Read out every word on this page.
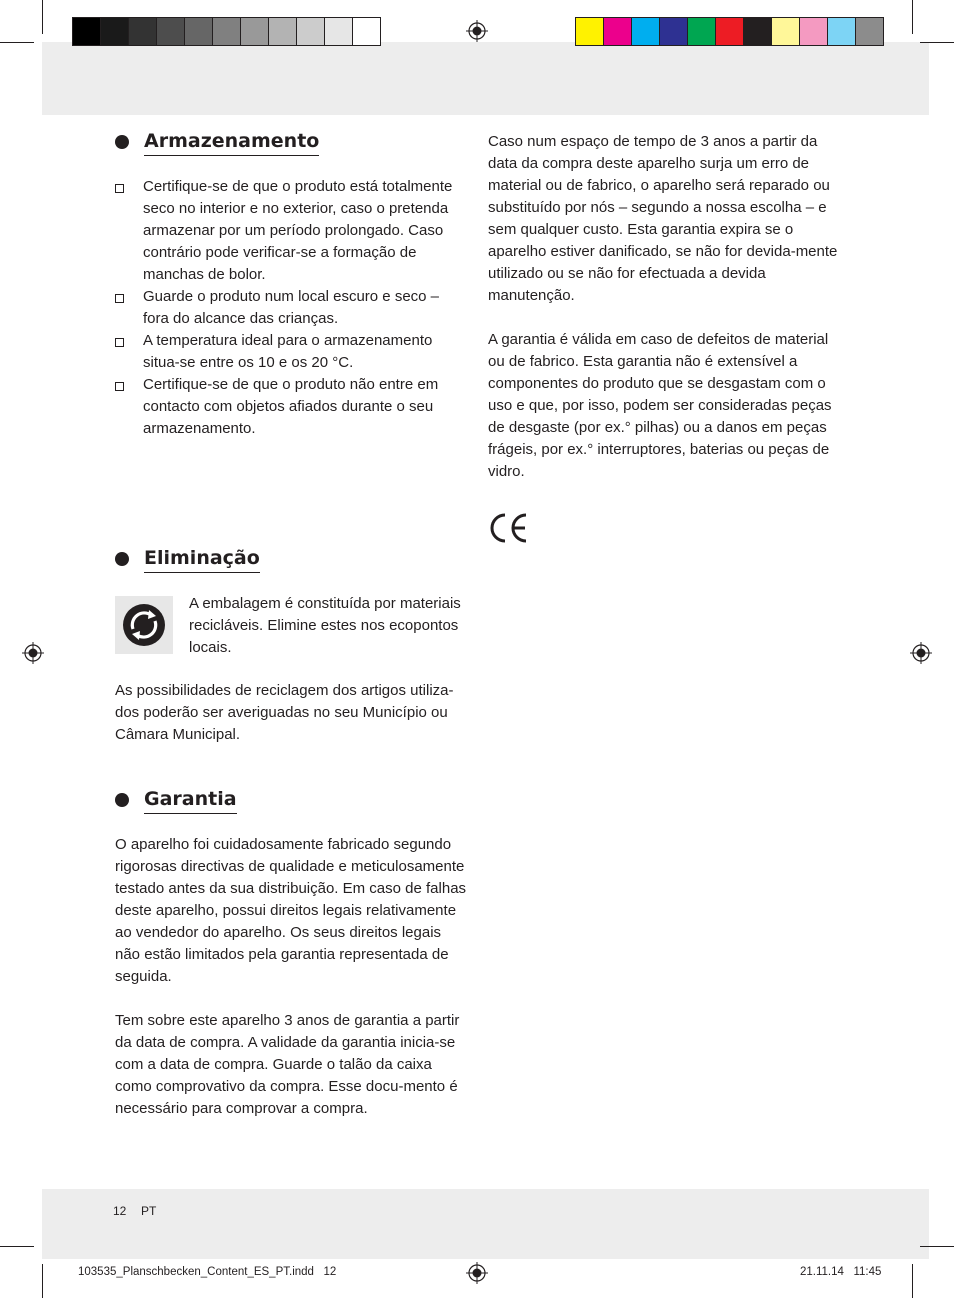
Armazenamento
Certifique-se de que o produto está totalmente seco no interior e no exterior, caso o pretenda armazenar por um período prolongado. Caso contrário pode verificar-se a formação de manchas de bolor.
Guarde o produto num local escuro e seco – fora do alcance das crianças.
A temperatura ideal para o armazenamento situa-se entre os 10 e os 20 °C.
Certifique-se de que o produto não entre em contacto com objetos afiados durante o seu armazenamento.
Eliminação

A embalagem é constituída por materiais recicláveis. Elimine estes nos ecopontos locais.

As possibilidades de reciclagem dos artigos utiliza-dos poderão ser averiguadas no seu Município ou Câmara Municipal.

Garantia

O aparelho foi cuidadosamente fabricado segundo rigorosas directivas de qualidade e meticulosamente testado antes da sua distribuição. Em caso de falhas deste aparelho, possui direitos legais relativamente ao vendedor do aparelho. Os seus direitos legais não estão limitados pela garantia representada de seguida.

Tem sobre este aparelho 3 anos de garantia a partir da data de compra. A validade da garantia inicia-se com a data de compra. Guarde o talão da caixa como comprovativo da compra. Esse docu-mento é necessário para comprovar a compra.

Caso num espaço de tempo de 3 anos a partir da data da compra deste aparelho surja um erro de material ou de fabrico, o aparelho será reparado ou substituído por nós – segundo a nossa escolha – e sem qualquer custo. Esta garantia expira se o aparelho estiver danificado, se não for devida-mente utilizado ou se não for efectuada a devida manutenção.

A garantia é válida em caso de defeitos de material ou de fabrico. Esta garantia não é extensível a componentes do produto que se desgastam com o uso e que, por isso, podem ser consideradas peças de desgaste (por ex.° pilhas) ou a danos em peças frágeis, por ex.° interruptores, baterias ou peças de vidro.

12 PT
103535_Planschbecken_Content_ES_PT.indd   12	21.11.14   11:45
